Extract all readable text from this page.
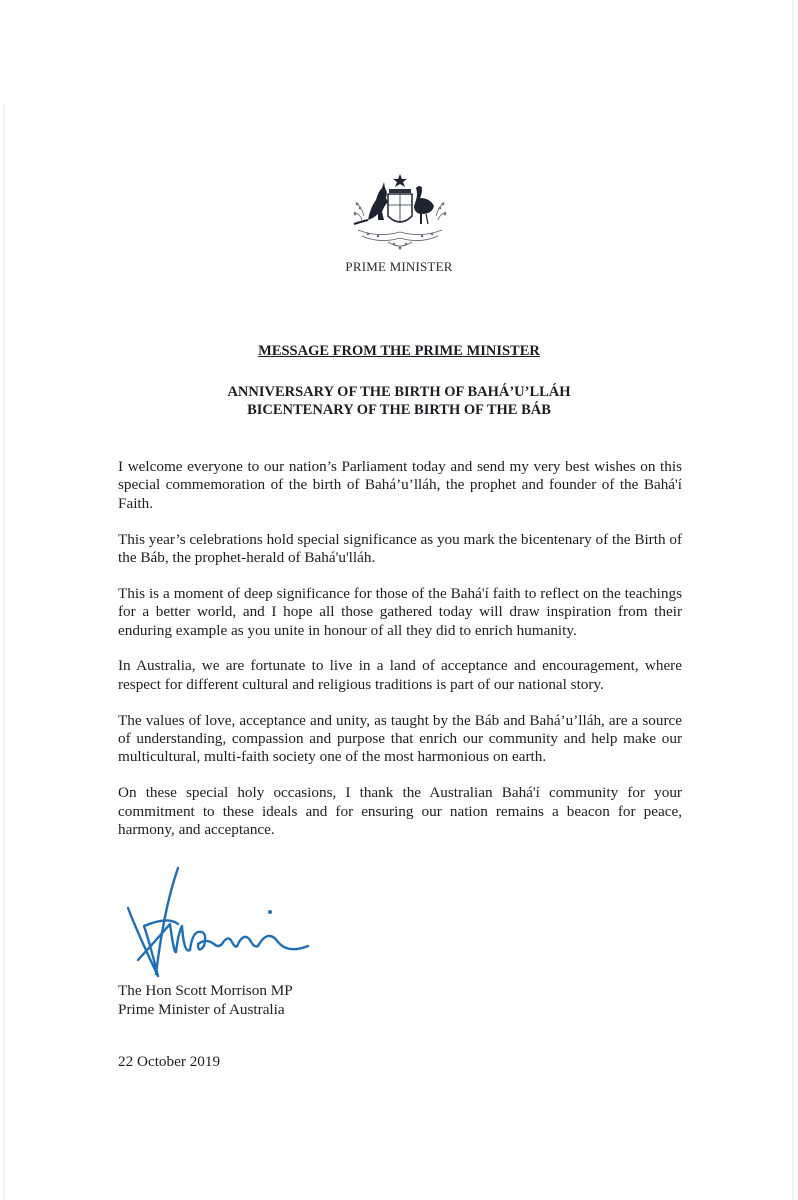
PRIME MINISTER
MESSAGE FROM THE PRIME MINISTER
ANNIVERSARY OF THE BIRTH OF BAHÁ’U’LLÁH
BICENTENARY OF THE BIRTH OF THE BÁB

I welcome everyone to our nation’s Parliament today and send my very best wishes on this special commemoration of the birth of Bahá’u’lláh, the prophet and founder of the Bahá'í Faith.

This year’s celebrations hold special significance as you mark the bicentenary of the Birth of the Báb, the prophet-herald of Bahá'u'lláh.

This is a moment of deep significance for those of the Bahá'í faith to reflect on the teachings for a better world, and I hope all those gathered today will draw inspiration from their enduring example as you unite in honour of all they did to enrich humanity.

In Australia, we are fortunate to live in a land of acceptance and encouragement, where respect for different cultural and religious traditions is part of our national story.

The values of love, acceptance and unity, as taught by the Báb and Bahá’u’lláh, are a source of understanding, compassion and purpose that enrich our community and help make our multicultural, multi-faith society one of the most harmonious on earth.

On these special holy occasions, I thank the Australian Bahá'í community for your commitment to these ideals and for ensuring our nation remains a beacon for peace, harmony, and acceptance.

The Hon Scott Morrison MP
Prime Minister of Australia
22 October 2019
